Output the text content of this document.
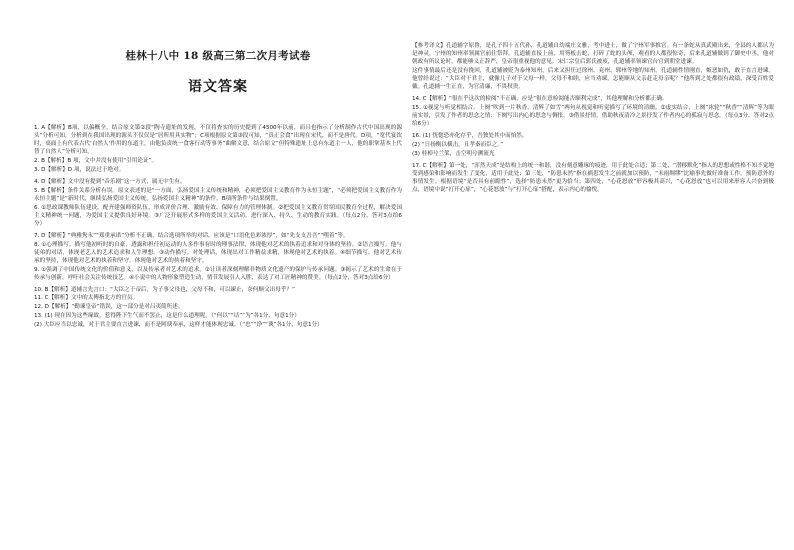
桂林十八中 18 级高三第二次月考试卷
语文答案

1. A【解析】B项，以偏概全，结合原文第②段“陶寺遗址的发现，不仅将查实的历史提到了4500年以前，而且也指示了分析制作古代中国出现的源头”分析可知，分析到在我国出现的源头不仅仅是“居所用具实物”；C项根据原文第③段可知，“真正会食”出现在宋代，而不是唐代。D项，“宽代宴饮时，桌面上有代表古代‘自然人’作用的东道主，由他负责统一食客行动等事务”曲解文意，结合原文“但特殊遗址上总有东道主一人，他的职掌基本上代替了自然人”分析可知。

2. B【解析】B 项，文中并没有使用“引用论证”。

3. D【解析】D 项，说法过于绝对。

4. D【解析】文中没有提到“音乐剧”这一方式，属无中生有。

5. B【解析】条件关系分析有误。原文表述的是“一方面，弘扬爱国主义传统和精神，必须把爱国主义教育作为永恒主题”，“必须把爱国主义教育作为永恒主题”是“新时代，继续弘扬爱国主义传统，弘扬爱国主义精神”的条件，B项所条件与结果倒置。

6. ①思政课教师队伍建设，配齐建强师资队伍，形成评价合理、激励有效、保障有力的管理体制。②把爱国主义教育贯穿国民教育全过程，解决爱国主义精神统一问题，为爱国主义提供良好环境。③广泛开展形式多样的爱国主义活动，进行深入、持久、生动的教育实践。（每点2分，答对3点给6分）

7. D【解析】“典雅隽永”“郑重承诺”分析不正确，结合选项所举的对话，应该是“口语化色彩浓厚”，如“先支支吾吾”“嘿着”等。

8. ①心理描写。描写他初听时的自豪，透露和担任初运动的人多作事有时的理事法律，体现他对艺术的执着追求和对身体的坚持。②语言描写。他与徒弟的对话，体现老艺人的艺术追求和人生理想。③动作描写。对处理话，体现出对工作精益求精，体现他对艺术的执着。④细节描写。他对艺术传承的坚持，体现他对艺术的执着和坚守，体现他对艺术的执着和坚守。

9. ①强调了中国传统文化的价值和意义，以及传承者对艺术的追求。②让读者深刻理解非物质文化遗产的保护与传承问题。③揭示了艺术的生命在于传承与创新，呼吁社会关注传统技艺。④小说中的人物形象塑造生动，情节发展引人入胜，表达了对工匠精神的赞美。（每点2分，答对3点给6分）

10. B【解析】道辅言先言口：“大臣之于帝后，为子事父母也，父母不和，可以谏止，奈何顺父出母乎？”

11. C【解析】文中的太傅指北方的官员。

12. D【解析】“勤谏皇帝”错误，这一部分是对吕夷简所述。

13. (1) 现在因为这些缘故，惹得陛下生气而不罢止，这是什么道理呢。（“何以”“诘”“为”各1分，句意1分）

(2) 大臣应当以忠诚，对于君主要直言进谏，而不是阿谀奉承，这样才能体现忠诚。（“忠”“诤”“谀”各1分，句意1分）

【参考译文】孔道辅字原鲁，是孔子四十五代孙，孔道辅自幼端庄文雅，考中进士，做了宁州军事推官。有一条蛇从真武殿出来，全县的人都认为是神灵，宁州的知州率领属官前往祭拜。孔道辅直接上前，用笏板击蛇，打碎了蛇的头颅，观看的人都很惊奇，后来孔道辅做到了御史中丞。他对朝政有所议论时，都能够义正辞严，皇帝很重视他的意见。宋仁宗皇后郭氏被废，孔道辅率领谏官台官到朝堂进谏。

这件事情最后还是没有挽回，孔道辅被贬为泰州知州，后来又担任过徐州、兖州、郓州等地的知州。孔道辅性情刚直，嫉恶如仇，敢于直言进谏。他曾经说过：“大臣对于君主，就像儿子对于父母一样，父母不和睦，应当劝谏，怎能顺从父亲赶走母亲呢？”他所到之处都很有政绩，深受百姓爱戴。孔道辅一生正直，为官清廉，不畏权贵。

14. C【解析】“很在乎这次的检阅”不正确，应是“很在意检阅能否顺利完成”，其他理解和分析都正确。

15. ①视觉与听觉相结合。上阕“吹到一片秋香，清辉了如雪”两句从视觉和听觉描写了环境的清幽。②虚实结合，上阕“冰轮”“秋香”“清辉”等为眼前实景，引发了作者的思念之情；下阕写出内心的思念与惆怅。③借景抒情，借助秋夜清冷之景抒发了作者内心的孤寂与思念。（每点3分，答对2点给6分）

16. (1) 恍惚恐亦化存乎，吾独处其中而怡然。

(2) “日扬衡以横击，且孝秦而臣之。”

(3) 桂棹兮兰桨，击空明兮溯流光

17. C【解析】第一处，“浑然天成”是结构上的统一和谐，没有刻意雕琢的痕迹，用于此处合适；第二处，“潜移默化”指人的思想或性格不知不觉地受到感染和影响而发生了变化，适用于此处；第三处，“防患未然”指在祸患发生之前就加以预防，“未雨绸缪”比喻事先做好准备工作，预防意外的事情发生。根据语境“是否具有前瞻性”，选择“防患未然”更为恰当；第四处，“心花怒放”形容极其高兴，“心花怒放”也可以用来形容人兴奋到极点，语境中说“打开心扉”，“心花怒放”与“打开心扉”搭配，表示内心的愉悦。
